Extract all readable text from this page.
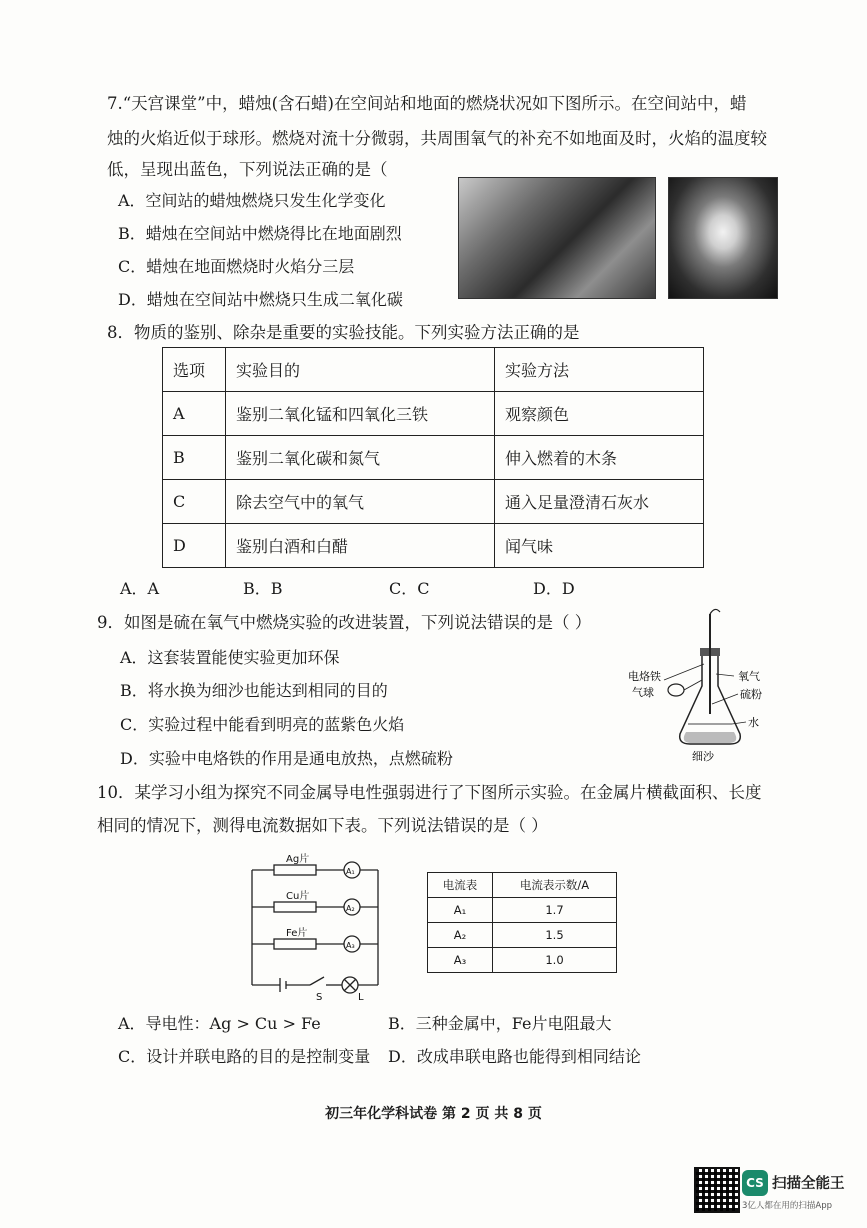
7.“天宫课堂”中，蜡烛(含石蜡)在空间站和地面的燃烧状况如下图所示。在空间站中，蜡
烛的火焰近似于球形。燃烧对流十分微弱，共周围氧气的补充不如地面及时，火焰的温度较
低，呈现出蓝色，下列说法正确的是（
A．空间站的蜡烛燃烧只发生化学变化
B．蜡烛在空间站中燃烧得比在地面剧烈
C．蜡烛在地面燃烧时火焰分三层
D．蜡烛在空间站中燃烧只生成二氧化碳
8．物质的鉴别、除杂是重要的实验技能。下列实验方法正确的是
选项	实验目的	实验方法
A	鉴别二氧化锰和四氧化三铁	观察颜色
B	鉴别二氧化碳和氮气	伸入燃着的木条
C	除去空气中的氧气	通入足量澄清石灰水
D	鉴别白酒和白醋	闻气味
A．A	B．B	C．C	D．D
9．如图是硫在氧气中燃烧实验的改进装置，下列说法错误的是（ ）
A．这套装置能使实验更加环保
B．将水换为细沙也能达到相同的目的
C．实验过程中能看到明亮的蓝紫色火焰
D．实验中电烙铁的作用是通电放热，点燃硫粉
电烙铁
气球
氧气
硫粉
水
细沙
10．某学习小组为探究不同金属导电性强弱进行了下图所示实验。在金属片横截面积、长度
相同的情况下，测得电流数据如下表。下列说法错误的是（ ）
Ag片
Cu片
Fe片
A₁
A₂
A₃
S	L
电流表	电流表示数/A
A₁	1.7
A₂	1.5
A₃	1.0
A．导电性：Ag > Cu > Fe	B．三种金属中，Fe片电阻最大
C．设计并联电路的目的是控制变量 D．改成串联电路也能得到相同结论
初三年化学科试卷 第 2 页 共 8 页
CS 扫描全能王
3亿人都在用的扫描App
